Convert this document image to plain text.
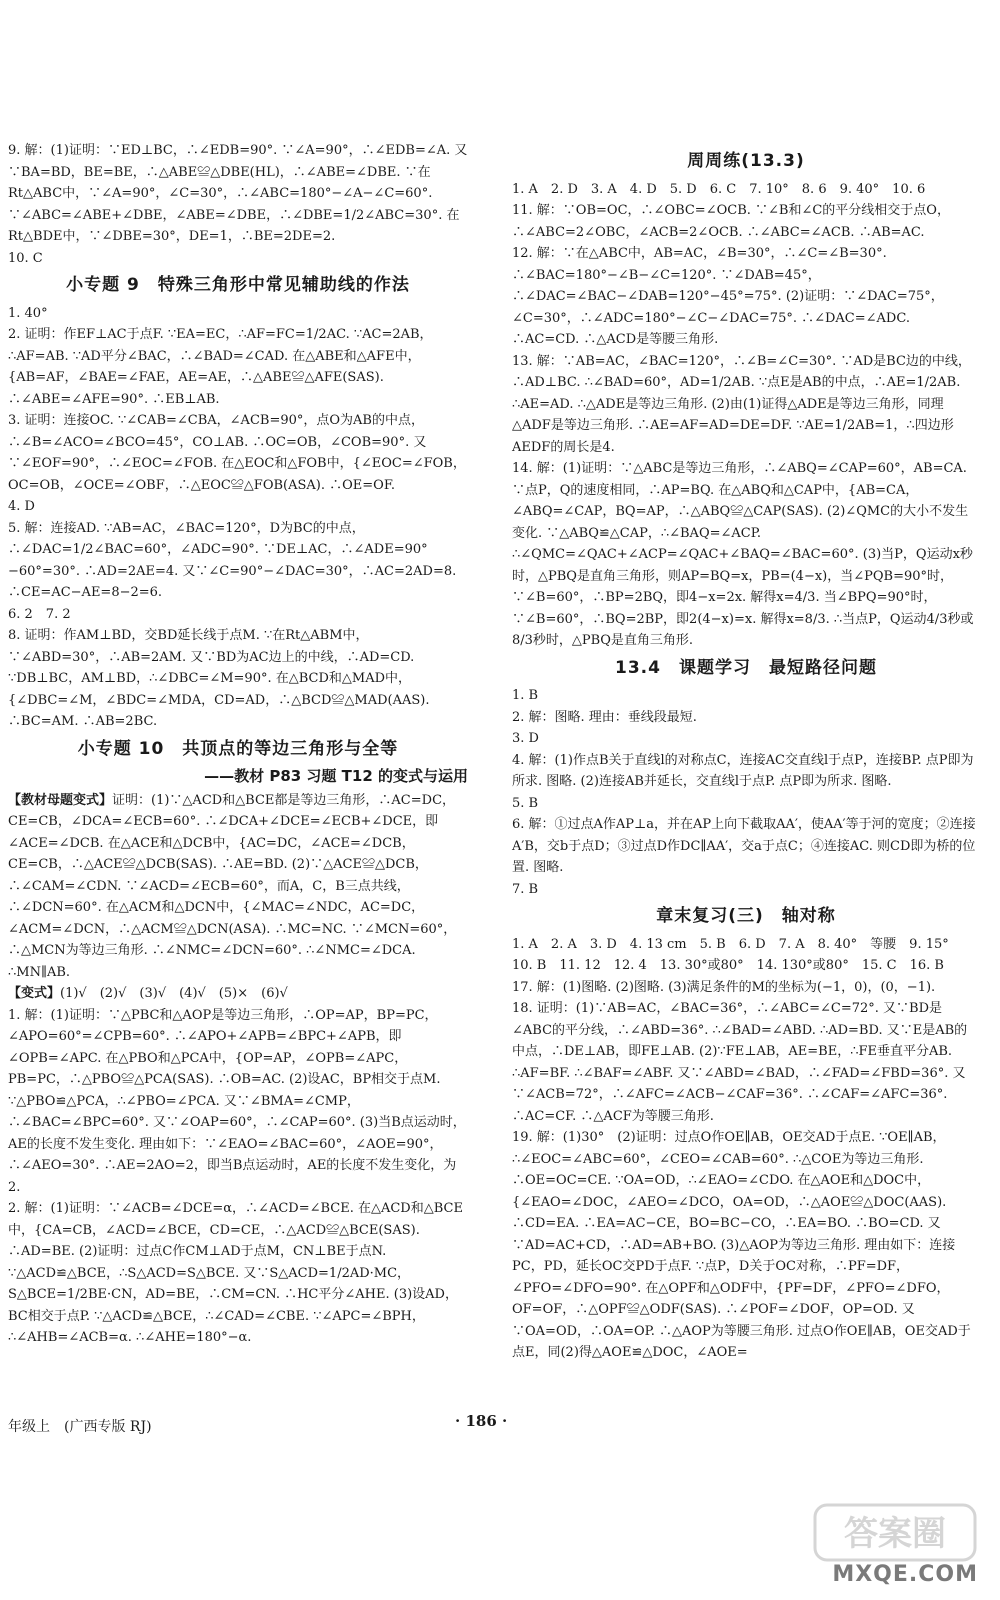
9. 解：(1)证明：∵ED⊥BC，∴∠EDB=90°. ∵∠A=90°，∴∠EDB=∠A. 又∵BA=BD，BE=BE，∴△ABE≌△DBE(HL)，∴∠ABE=∠DBE. ∵在Rt△ABC中，∵∠A=90°，∠C=30°，∴∠ABC=180°−∠A−∠C=60°. ∵∠ABC=∠ABE+∠DBE，∠ABE=∠DBE，∴∠DBE=1/2∠ABC=30°. 在Rt△BDE中，∵∠DBE=30°，DE=1，∴BE=2DE=2.

10. C

小专题 9　特殊三角形中常见辅助线的作法

1. 40°

2. 证明：作EF⊥AC于点F. ∵EA=EC，∴AF=FC=1/2AC. ∵AC=2AB，∴AF=AB. ∵AD平分∠BAC，∴∠BAD=∠CAD. 在△ABE和△AFE中，{AB=AF，∠BAE=∠FAE，AE=AE，∴△ABE≌△AFE(SAS). ∴∠ABE=∠AFE=90°. ∴EB⊥AB.

3. 证明：连接OC. ∵∠CAB=∠CBA，∠ACB=90°，点O为AB的中点，∴∠B=∠ACO=∠BCO=45°，CO⊥AB. ∴OC=OB，∠COB=90°. 又∵∠EOF=90°，∴∠EOC=∠FOB. 在△EOC和△FOB中，{∠EOC=∠FOB，OC=OB，∠OCE=∠OBF，∴△EOC≌△FOB(ASA). ∴OE=OF.

4. D

5. 解：连接AD. ∵AB=AC，∠BAC=120°，D为BC的中点，∴∠DAC=1/2∠BAC=60°，∠ADC=90°. ∵DE⊥AC，∴∠ADE=90°−60°=30°. ∴AD=2AE=4. 又∵∠C=90°−∠DAC=30°，∴AC=2AD=8. ∴CE=AC−AE=8−2=6.

6. 2　7. 2

8. 证明：作AM⊥BD，交BD延长线于点M. ∵在Rt△ABM中，∵∠ABD=30°，∴AB=2AM. 又∵BD为AC边上的中线，∴AD=CD. ∵DB⊥BC，AM⊥BD，∴∠DBC=∠M=90°. 在△BCD和△MAD中，{∠DBC=∠M，∠BDC=∠MDA，CD=AD，∴△BCD≌△MAD(AAS). ∴BC=AM. ∴AB=2BC.

小专题 10　共顶点的等边三角形与全等
——教材 P83 习题 T12 的变式与运用

【教材母题变式】证明：(1)∵△ACD和△BCE都是等边三角形，∴AC=DC，CE=CB，∠DCA=∠ECB=60°. ∴∠DCA+∠DCE=∠ECB+∠DCE，即∠ACE=∠DCB. 在△ACE和△DCB中，{AC=DC，∠ACE=∠DCB，CE=CB，∴△ACE≌△DCB(SAS). ∴AE=BD. (2)∵△ACE≌△DCB，∴∠CAM=∠CDN. ∵∠ACD=∠ECB=60°，而A，C，B三点共线，∴∠DCN=60°. 在△ACM和△DCN中，{∠MAC=∠NDC，AC=DC，∠ACM=∠DCN，∴△ACM≌△DCN(ASA). ∴MC=NC. ∵∠MCN=60°，∴△MCN为等边三角形. ∴∠NMC=∠DCN=60°. ∴∠NMC=∠DCA. ∴MN∥AB.

【变式】(1)√　(2)√　(3)√　(4)√　(5)×　(6)√

1. 解：(1)证明：∵△PBC和△AOP是等边三角形，∴OP=AP，BP=PC，∠APO=60°=∠CPB=60°. ∴∠APO+∠APB=∠BPC+∠APB，即∠OPB=∠APC. 在△PBO和△PCA中，{OP=AP，∠OPB=∠APC，PB=PC，∴△PBO≌△PCA(SAS). ∴OB=AC. (2)设AC，BP相交于点M. ∵△PBO≌△PCA，∴∠PBO=∠PCA. 又∵∠BMA=∠CMP，∴∠BAC=∠BPC=60°. 又∵∠OAP=60°，∴∠CAP=60°. (3)当B点运动时，AE的长度不发生变化. 理由如下：∵∠EAO=∠BAC=60°，∠AOE=90°，∴∠AEO=30°. ∴AE=2AO=2，即当B点运动时，AE的长度不发生变化，为2.

2. 解：(1)证明：∵∠ACB=∠DCE=α，∴∠ACD=∠BCE. 在△ACD和△BCE中，{CA=CB，∠ACD=∠BCE，CD=CE，∴△ACD≌△BCE(SAS). ∴AD=BE. (2)证明：过点C作CM⊥AD于点M，CN⊥BE于点N. ∵△ACD≌△BCE，∴S△ACD=S△BCE. 又∵S△ACD=1/2AD·MC，S△BCE=1/2BE·CN，AD=BE，∴CM=CN. ∴HC平分∠AHE. (3)设AD，BC相交于点P. ∵△ACD≌△BCE，∴∠CAD=∠CBE. ∵∠APC=∠BPH，∴∠AHB=∠ACB=α. ∴∠AHE=180°−α.

周周练(13.3)

1. A　2. D　3. A　4. D　5. D　6. C　7. 10°　8. 6　9. 40°　10. 6

11. 解：∵OB=OC，∴∠OBC=∠OCB. ∵∠B和∠C的平分线相交于点O，∴∠ABC=2∠OBC，∠ACB=2∠OCB. ∴∠ABC=∠ACB. ∴AB=AC.

12. 解：∵在△ABC中，AB=AC，∠B=30°，∴∠C=∠B=30°. ∴∠BAC=180°−∠B−∠C=120°. ∵∠DAB=45°，∴∠DAC=∠BAC−∠DAB=120°−45°=75°. (2)证明：∵∠DAC=75°，∠C=30°，∴∠ADC=180°−∠C−∠DAC=75°. ∴∠DAC=∠ADC. ∴AC=CD. ∴△ACD是等腰三角形.

13. 解：∵AB=AC，∠BAC=120°，∴∠B=∠C=30°. ∵AD是BC边的中线，∴AD⊥BC. ∴∠BAD=60°，AD=1/2AB. ∵点E是AB的中点，∴AE=1/2AB. ∴AE=AD. ∴△ADE是等边三角形. (2)由(1)证得△ADE是等边三角形，同理△ADF是等边三角形. ∴AE=AF=AD=DE=DF. ∵AE=1/2AB=1，∴四边形AEDF的周长是4.

14. 解：(1)证明：∵△ABC是等边三角形，∴∠ABQ=∠CAP=60°，AB=CA. ∵点P，Q的速度相同，∴AP=BQ. 在△ABQ和△CAP中，{AB=CA，∠ABQ=∠CAP，BQ=AP，∴△ABQ≌△CAP(SAS). (2)∠QMC的大小不发生变化. ∵△ABQ≌△CAP，∴∠BAQ=∠ACP. ∴∠QMC=∠QAC+∠ACP=∠QAC+∠BAQ=∠BAC=60°. (3)当P，Q运动x秒时，△PBQ是直角三角形，则AP=BQ=x，PB=(4−x)，当∠PQB=90°时，∵∠B=60°，∴BP=2BQ，即4−x=2x. 解得x=4/3. 当∠BPQ=90°时，∵∠B=60°，∴BQ=2BP，即2(4−x)=x. 解得x=8/3. ∴当点P，Q运动4/3秒或8/3秒时，△PBQ是直角三角形.

13.4　课题学习　最短路径问题

1. B

2. 解：图略. 理由：垂线段最短.

3. D

4. 解：(1)作点B关于直线l的对称点C，连接AC交直线l于点P，连接BP. 点P即为所求. 图略. (2)连接AB并延长，交直线l于点P. 点P即为所求. 图略.

5. B

6. 解：①过点A作AP⊥a，并在AP上向下截取AA′，使AA′等于河的宽度；②连接A′B，交b于点D；③过点D作DC∥AA′，交a于点C；④连接AC. 则CD即为桥的位置. 图略.

7. B

章末复习(三)　轴对称

1. A　2. A　3. D　4. 13 cm　5. B　6. D　7. A　8. 40°　等腰　9. 15°

10. B　11. 12　12. 4　13. 30°或80°　14. 130°或80°　15. C　16. B

17. 解：(1)图略. (2)图略. (3)满足条件的M的坐标为(−1，0)，(0，−1).

18. 证明：(1)∵AB=AC，∠BAC=36°，∴∠ABC=∠C=72°. 又∵BD是∠ABC的平分线，∴∠ABD=36°. ∴∠BAD=∠ABD. ∴AD=BD. 又∵E是AB的中点，∴DE⊥AB，即FE⊥AB. (2)∵FE⊥AB，AE=BE，∴FE垂直平分AB. ∴AF=BF. ∴∠BAF=∠ABF. 又∵∠ABD=∠BAD，∴∠FAD=∠FBD=36°. 又∵∠ACB=72°，∴∠AFC=∠ACB−∠CAF=36°. ∴∠CAF=∠AFC=36°. ∴AC=CF. ∴△ACF为等腰三角形.

19. 解：(1)30°　(2)证明：过点O作OE∥AB，OE交AD于点E. ∵OE∥AB，∴∠EOC=∠ABC=60°，∠CEO=∠CAB=60°. ∴△COE为等边三角形. ∴OE=OC=CE. ∵OA=OD，∴∠EAO=∠CDO. 在△AOE和△DOC中，{∠EAO=∠DOC，∠AEO=∠DCO，OA=OD，∴△AOE≌△DOC(AAS). ∴CD=EA. ∴EA=AC−CE，BO=BC−CO，∴EA=BO. ∴BO=CD. 又∵AD=AC+CD，∴AD=AB+BO. (3)△AOP为等边三角形. 理由如下：连接PC，PD，延长OC交PD于点F. ∵点P，D关于OC对称，∴PF=DF，∠PFO=∠DFO=90°. 在△OPF和△ODF中，{PF=DF，∠PFO=∠DFO，OF=OF，∴△OPF≌△ODF(SAS). ∴∠POF=∠DOF，OP=OD. 又∵OA=OD，∴OA=OP. ∴△AOP为等腰三角形. 过点O作OE∥AB，OE交AD于点E，同(2)得△AOE≌△DOC，∠AOE=

年级上　(广西专版 RJ)	· 186 ·
答案圈
MXQE.COM
